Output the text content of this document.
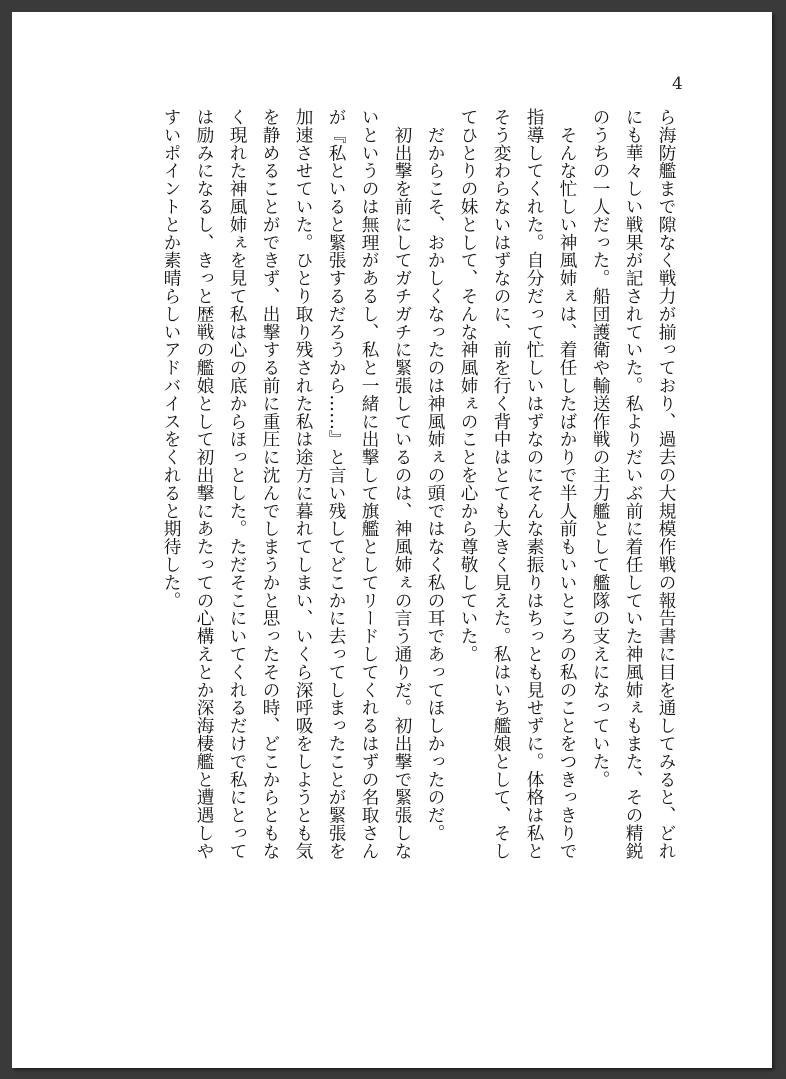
4
ら海防艦まで隙なく戦力が揃っており、過去の大規模作戦の報告書に目を通してみると、どれ
にも華々しい戦果が記されていた。私よりだいぶ前に着任していた神風姉ぇもまた、その精鋭
のうちの一人だった。船団護衛や輸送作戦の主力艦として艦隊の支えになっていた。
　そんな忙しい神風姉ぇは、着任したばかりで半人前もいいところの私のことをつきっきりで
指導してくれた。自分だって忙しいはずなのにそんな素振りはちっとも見せずに。体格は私と
そう変わらないはずなのに、前を行く背中はとても大きく見えた。私はいち艦娘として、そし
てひとりの妹として、そんな神風姉ぇのことを心から尊敬していた。
　だからこそ、おかしくなったのは神風姉ぇの頭ではなく私の耳であってほしかったのだ。
　初出撃を前にしてガチガチに緊張しているのは、神風姉ぇの言う通りだ。初出撃で緊張しな
いというのは無理があるし、私と一緒に出撃して旗艦としてリードしてくれるはずの名取さん
が『私といると緊張するだろうから……』と言い残してどこかに去ってしまったことが緊張を
加速させていた。ひとり取り残された私は途方に暮れてしまい、いくら深呼吸をしようとも気
を静めることができず、出撃する前に重圧に沈んでしまうかと思ったその時、どこからともな
く現れた神風姉ぇを見て私は心の底からほっとした。ただそこにいてくれるだけで私にとって
は励みになるし、きっと歴戦の艦娘として初出撃にあたっての心構えとか深海棲艦と遭遇しや
すいポイントとか素晴らしいアドバイスをくれると期待した。
